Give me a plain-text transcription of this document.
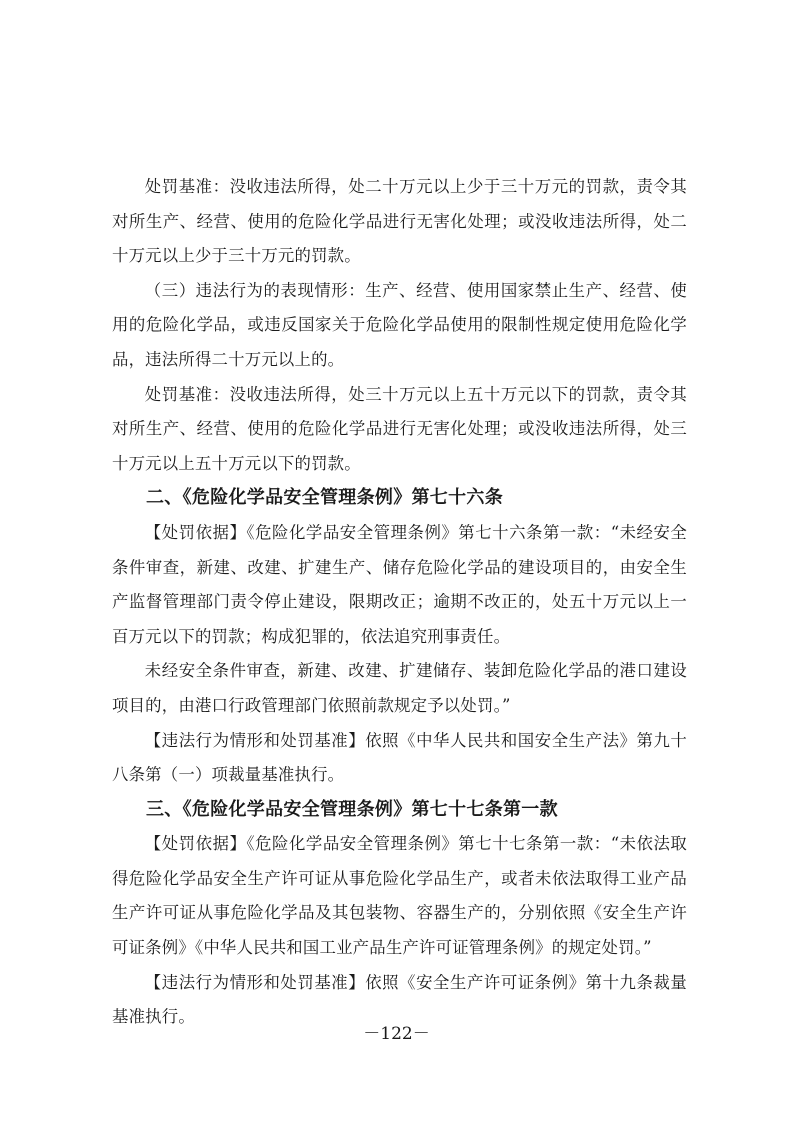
处罚基准：没收违法所得，处二十万元以上少于三十万元的罚款，责令其对所生产、经营、使用的危险化学品进行无害化处理；或没收违法所得，处二十万元以上少于三十万元的罚款。

（三）违法行为的表现情形：生产、经营、使用国家禁止生产、经营、使用的危险化学品，或违反国家关于危险化学品使用的限制性规定使用危险化学品，违法所得二十万元以上的。

处罚基准：没收违法所得，处三十万元以上五十万元以下的罚款，责令其对所生产、经营、使用的危险化学品进行无害化处理；或没收违法所得，处三十万元以上五十万元以下的罚款。

二、《危险化学品安全管理条例》第七十六条

【处罚依据】《危险化学品安全管理条例》第七十六条第一款：“未经安全条件审查，新建、改建、扩建生产、储存危险化学品的建设项目的，由安全生产监督管理部门责令停止建设，限期改正；逾期不改正的，处五十万元以上一百万元以下的罚款；构成犯罪的，依法追究刑事责任。

未经安全条件审查，新建、改建、扩建储存、装卸危险化学品的港口建设项目的，由港口行政管理部门依照前款规定予以处罚。”

【违法行为情形和处罚基准】依照《中华人民共和国安全生产法》第九十八条第（一）项裁量基准执行。

三、《危险化学品安全管理条例》第七十七条第一款

【处罚依据】《危险化学品安全管理条例》第七十七条第一款：“未依法取得危险化学品安全生产许可证从事危险化学品生产，或者未依法取得工业产品生产许可证从事危险化学品及其包装物、容器生产的，分别依照《安全生产许可证条例》《中华人民共和国工业产品生产许可证管理条例》的规定处罚。”

【违法行为情形和处罚基准】依照《安全生产许可证条例》第十九条裁量基准执行。

－122－
